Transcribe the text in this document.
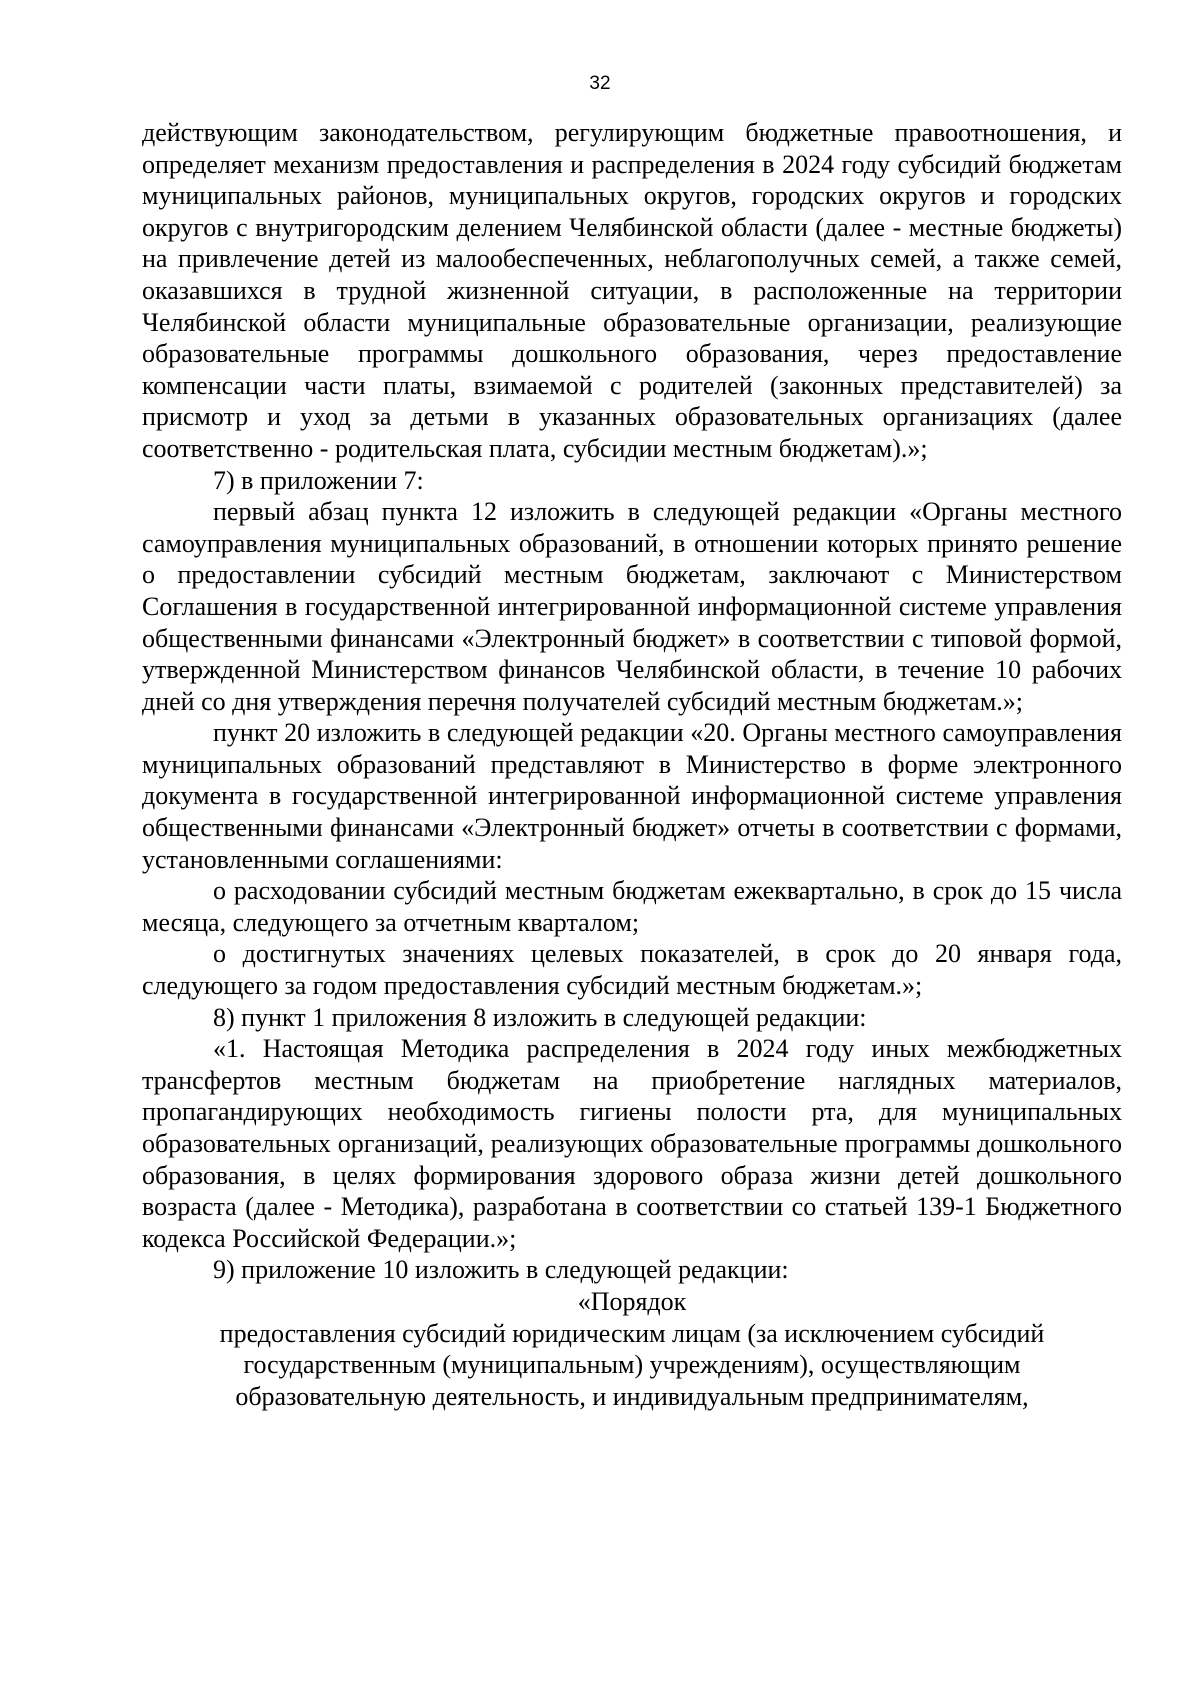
32

действующим законодательством, регулирующим бюджетные правоотношения, и определяет механизм предоставления и распределения в 2024 году субсидий бюджетам муниципальных районов, муниципальных округов, городских округов и городских округов с внутригородским делением Челябинской области (далее - местные бюджеты) на привлечение детей из малообеспеченных, неблагополучных семей, а также семей, оказавшихся в трудной жизненной ситуации, в расположенные на территории Челябинской области муниципальные образовательные организации, реализующие образовательные программы дошкольного образования, через предоставление компенсации части платы, взимаемой с родителей (законных представителей) за присмотр и уход за детьми в указанных образовательных организациях (далее соответственно - родительская плата, субсидии местным бюджетам).»;

7) в приложении 7:

первый абзац пункта 12 изложить в следующей редакции «Органы местного самоуправления муниципальных образований, в отношении которых принято решение о предоставлении субсидий местным бюджетам, заключают с Министерством Соглашения в государственной интегрированной информационной системе управления общественными финансами «Электронный бюджет» в соответствии с типовой формой, утвержденной Министерством финансов Челябинской области, в течение 10 рабочих дней со дня утверждения перечня получателей субсидий местным бюджетам.»;

пункт 20 изложить в следующей редакции «20. Органы местного самоуправления муниципальных образований представляют в Министерство в форме электронного документа в государственной интегрированной информационной системе управления общественными финансами «Электронный бюджет» отчеты в соответствии с формами, установленными соглашениями:

о расходовании субсидий местным бюджетам ежеквартально, в срок до 15 числа месяца, следующего за отчетным кварталом;

о достигнутых значениях целевых показателей, в срок до 20 января года, следующего за годом предоставления субсидий местным бюджетам.»;

8) пункт 1 приложения 8 изложить в следующей редакции:

«1. Настоящая Методика распределения в 2024 году иных межбюджетных трансфертов местным бюджетам на приобретение наглядных материалов, пропагандирующих необходимость гигиены полости рта, для муниципальных образовательных организаций, реализующих образовательные программы дошкольного образования, в целях формирования здорового образа жизни детей дошкольного возраста (далее - Методика), разработана в соответствии со статьей 139-1 Бюджетного кодекса Российской Федерации.»;

9) приложение 10 изложить в следующей редакции:

«Порядок
предоставления субсидий юридическим лицам (за исключением субсидий
государственным (муниципальным) учреждениям), осуществляющим
образовательную деятельность, и индивидуальным предпринимателям,
